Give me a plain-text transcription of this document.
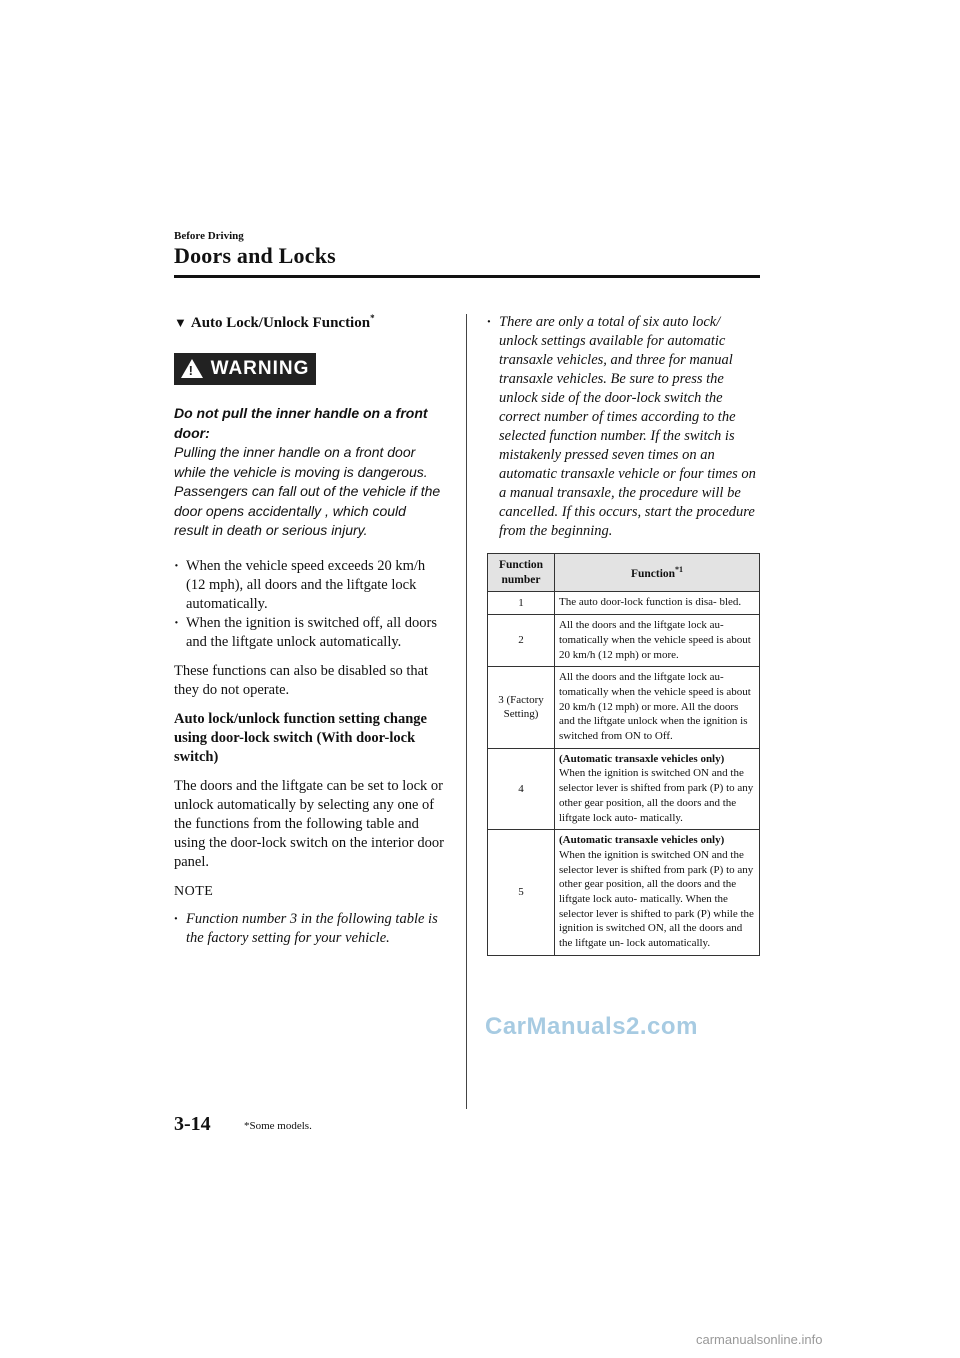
Before Driving
Doors and Locks
▼ Auto Lock/Unlock Function*
! WARNING
Do not pull the inner handle on a front door:
Pulling the inner handle on a front door while the vehicle is moving is dangerous. Passengers can fall out of the vehicle if the door opens accidentally , which could result in death or serious injury.
· When the vehicle speed exceeds 20 km/h (12 mph), all doors and the liftgate lock automatically.
· When the ignition is switched off, all doors and the liftgate unlock automatically.

These functions can also be disabled so that they do not operate.

Auto lock/unlock function setting change using door-lock switch (With door-lock switch)

The doors and the liftgate can be set to lock or unlock automatically by selecting any one of the functions from the following table and using the door-lock switch on the interior door panel.

NOTE
· Function number 3 in the following table is the factory setting for your vehicle.
· There are only a total of six auto lock/ unlock settings available for automatic transaxle vehicles, and three for manual transaxle vehicles. Be sure to press the unlock side of the door-lock switch the correct number of times according to the selected function number. If the switch is mistakenly pressed seven times on an automatic transaxle vehicle or four times on a manual transaxle, the procedure will be cancelled. If this occurs, start the procedure from the beginning.
Function number	Function$^{*1}$
1	The auto door-lock function is disa- bled.
2	All the doors and the liftgate lock au- tomatically when the vehicle speed is about 20 km/h (12 mph) or more.
3 (Factory Setting)	All the doors and the liftgate lock au- tomatically when the vehicle speed is about 20 km/h (12 mph) or more. All the doors and the liftgate unlock when the ignition is switched from ON to Off.
4	(Automatic transaxle vehicles only)
When the ignition is switched ON and the selector lever is shifted from park (P) to any other gear position, all the doors and the liftgate lock auto- matically.
5	(Automatic transaxle vehicles only)
When the ignition is switched ON and the selector lever is shifted from park (P) to any other gear position, all the doors and the liftgate lock auto- matically. When the selector lever is shifted to park (P) while the ignition is switched ON, all the doors and the liftgate un- lock automatically.
CarManuals2.com
3-14	*Some models.
carmanualsonline.info
